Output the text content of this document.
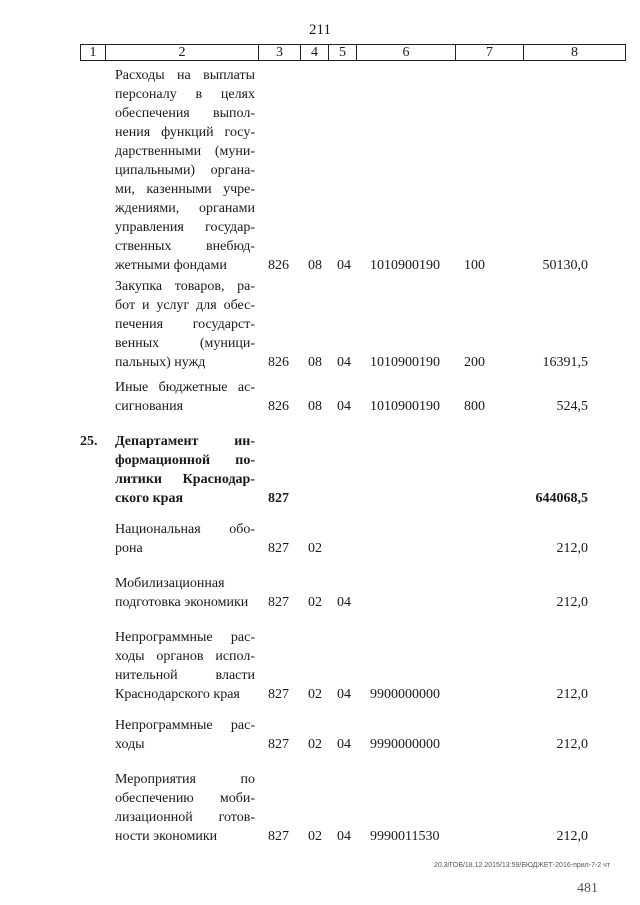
211
1	2	3	4	5	6	7	8
Расходы на выплаты
персоналу в целях
обеспечения выпол-
нения функций госу-
дарственными (муни-
ципальными) органа-
ми, казенными учре-
ждениями, органами
управления государ-
ственных внебюд-
жетными фондами	826 08 04 1010900190 100	50130,0
Закупка товаров, ра-
бот и услуг для обес-
печения государст-
венных (муници-
пальных) нужд	826 08 04 1010900190 200	16391,5
Иные бюджетные ас-
сигнования	826 08 04 1010900190 800	524,5
25. Департамент ин-
формационной по-
литики Краснодар-
ского края	827	644068,5
Национальная обо-
рона	827 02	212,0
Мобилизационная
подготовка экономики	827 02 04	212,0
Непрограммные рас-
ходы органов испол-
нительной власти
Краснодарского края	827 02 04 9900000000	212,0
Непрограммные рас-
ходы	827 02 04 9990000000	212,0
Мероприятия по
обеспечению моби-
лизационной готов-
ности экономики	827 02 04 9990011530	212,0
20.3/ГОБ/18.12.2015/13:59/БЮДЖЕТ-2016-прил-7-2 чт
481
